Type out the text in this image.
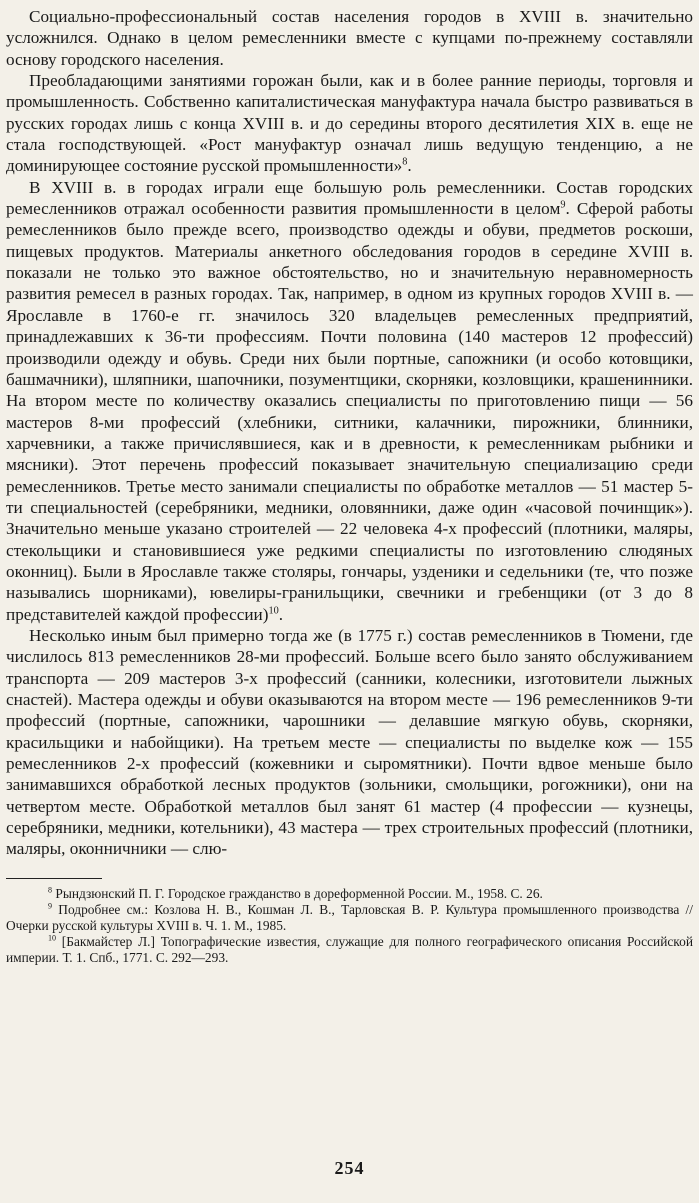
Социально-профессиональный состав населения городов в XVIII в. значительно усложнился. Однако в целом ремесленники вместе с купцами по-прежнему составляли основу городского населения.

Преобладающими занятиями горожан были, как и в более ранние периоды, торговля и промышленность. Собственно капиталистическая мануфактура начала быстро развиваться в русских городах лишь с конца XVIII в. и до середины второго десятилетия XIX в. еще не стала господствующей. «Рост мануфактур означал лишь ведущую тенденцию, а не доминирующее состояние русской промышленности»$^8$.

В XVIII в. в городах играли еще большую роль ремесленники. Состав городских ремесленников отражал особенности развития промышленности в целом$^9$. Сферой работы ремесленников было прежде всего, производство одежды и обуви, предметов роскоши, пищевых продуктов. Материалы анкетного обследования городов в середине XVIII в. показали не только это важное обстоятельство, но и значительную неравномерность развития ремесел в разных городах. Так, например, в одном из крупных городов XVIII в. — Ярославле в 1760-е гг. значилось 320 владельцев ремесленных предприятий, принадлежавших к 36-ти профессиям. Почти половина (140 мастеров 12 профессий) производили одежду и обувь. Среди них были портные, сапожники (и особо котовщики, башмачники), шляпники, шапочники, позументщики, скорняки, козловщики, крашенинники. На втором месте по количеству оказались специалисты по приготовлению пищи — 56 мастеров 8-ми профессий (хлебники, ситники, калачники, пирожники, блинники, харчевники, а также причислявшиеся, как и в древности, к ремесленникам рыбники и мясники). Этот перечень профессий показывает значительную специализацию среди ремесленников. Третье место занимали специалисты по обработке металлов — 51 мастер 5-ти специальностей (серебряники, медники, оловянники, даже один «часовой починщик»). Значительно меньше указано строителей — 22 человека 4-х профессий (плотники, маляры, стекольщики и становившиеся уже редкими специалисты по изготовлению слюдяных оконниц). Были в Ярославле также столяры, гончары, узденики и седельники (те, что позже назывались шорниками), ювелиры-гранильщики, свечники и гребенщики (от 3 до 8 представителей каждой профессии)$^{10}$.

Несколько иным был примерно тогда же (в 1775 г.) состав ремесленников в Тюмени, где числилось 813 ремесленников 28-ми профессий. Больше всего было занято обслуживанием транспорта — 209 мастеров 3-х профессий (санники, колесники, изготовители лыжных снастей). Мастера одежды и обуви оказываются на втором месте — 196 ремесленников 9-ти профессий (портные, сапожники, чарошники — делавшие мягкую обувь, скорняки, красильщики и набойщики). На третьем месте — специалисты по выделке кож — 155 ремесленников 2-х профессий (кожевники и сыромятники). Почти вдвое меньше было занимавшихся обработкой лесных продуктов (зольники, смольщики, рогожники), они на четвертом месте. Обработкой металлов был занят 61 мастер (4 профессии — кузнецы, серебряники, медники, котельники), 43 мастера — трех строительных профессий (плотники, маляры, оконничники — слю-

$^8$ Рындзюнский П. Г. Городское гражданство в дореформенной России. М., 1958. С. 26.

$^9$ Подробнее см.: Козлова Н. В., Кошман Л. В., Тарловская В. Р. Культура промышленного производства // Очерки русской культуры XVIII в. Ч. 1. М., 1985.

$^{10}$ [Бакмайстер Л.] Топографические известия, служащие для полного географического описания Российской империи. Т. 1. Спб., 1771. С. 292—293.

254
